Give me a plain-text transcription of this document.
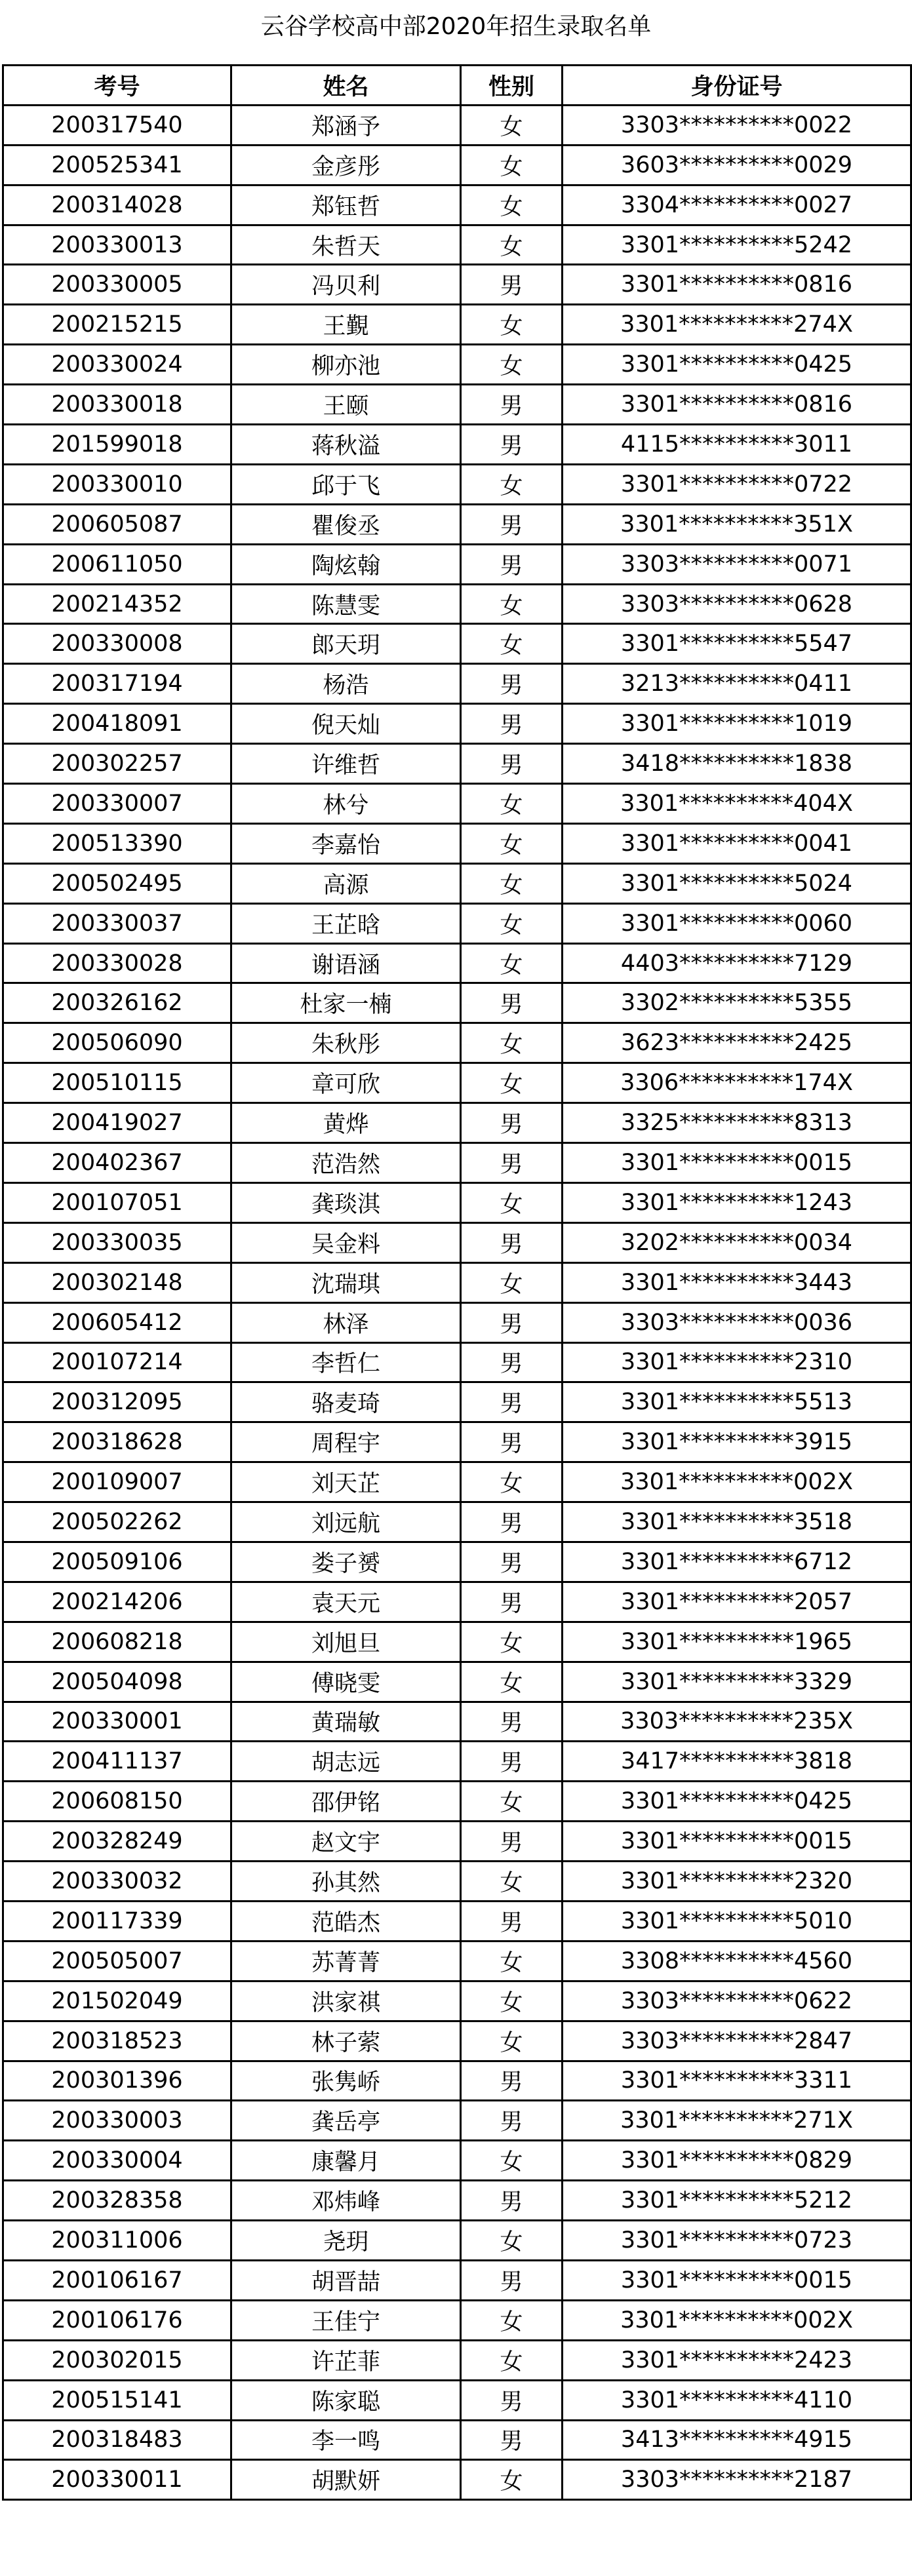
云谷学校高中部2020年招生录取名单
考号	姓名	性别	身份证号
200317540	郑涵予	女	3303**********0022
200525341	金彦彤	女	3603**********0029
200314028	郑钰哲	女	3304**********0027
200330013	朱哲天	女	3301**********5242
200330005	冯贝利	男	3301**********0816
200215215	王覲	女	3301**********274X
200330024	柳亦池	女	3301**********0425
200330018	王颐	男	3301**********0816
201599018	蒋秋溢	男	4115**********3011
200330010	邱于飞	女	3301**********0722
200605087	瞿俊丞	男	3301**********351X
200611050	陶炫翰	男	3303**********0071
200214352	陈慧雯	女	3303**********0628
200330008	郎天玥	女	3301**********5547
200317194	杨浩	男	3213**********0411
200418091	倪天灿	男	3301**********1019
200302257	许维哲	男	3418**********1838
200330007	林兮	女	3301**********404X
200513390	李嘉怡	女	3301**********0041
200502495	高源	女	3301**********5024
200330037	王芷晗	女	3301**********0060
200330028	谢语涵	女	4403**********7129
200326162	杜家一楠	男	3302**********5355
200506090	朱秋彤	女	3623**********2425
200510115	章可欣	女	3306**********174X
200419027	黄烨	男	3325**********8313
200402367	范浩然	男	3301**********0015
200107051	龚琰淇	女	3301**********1243
200330035	吴金料	男	3202**********0034
200302148	沈瑞琪	女	3301**********3443
200605412	林泽	男	3303**********0036
200107214	李哲仁	男	3301**********2310
200312095	骆麦琦	男	3301**********5513
200318628	周程宇	男	3301**********3915
200109007	刘天芷	女	3301**********002X
200502262	刘远航	男	3301**********3518
200509106	娄子赟	男	3301**********6712
200214206	袁天元	男	3301**********2057
200608218	刘旭旦	女	3301**********1965
200504098	傅晓雯	女	3301**********3329
200330001	黄瑞敏	男	3303**********235X
200411137	胡志远	男	3417**********3818
200608150	邵伊铭	女	3301**********0425
200328249	赵文宇	男	3301**********0015
200330032	孙其然	女	3301**********2320
200117339	范皓杰	男	3301**********5010
200505007	苏菁菁	女	3308**********4560
201502049	洪家祺	女	3303**********0622
200318523	林子萦	女	3303**********2847
200301396	张隽峤	男	3301**********3311
200330003	龚岳亭	男	3301**********271X
200330004	康馨月	女	3301**********0829
200328358	邓炜峰	男	3301**********5212
200311006	尧玥	女	3301**********0723
200106167	胡晋喆	男	3301**********0015
200106176	王佳宁	女	3301**********002X
200302015	许芷菲	女	3301**********2423
200515141	陈家聪	男	3301**********4110
200318483	李一鸣	男	3413**********4915
200330011	胡默妍	女	3303**********2187
